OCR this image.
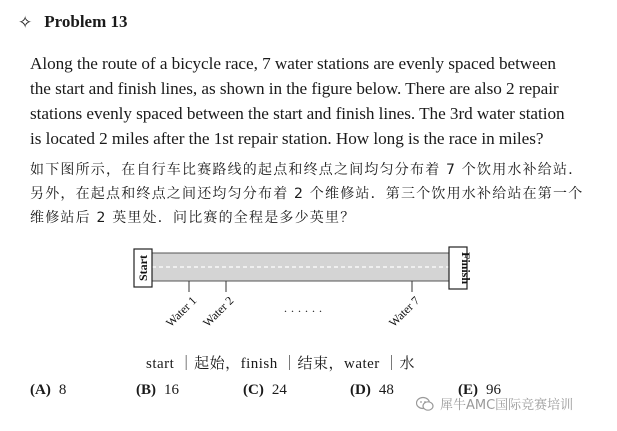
✧ Problem 13
Along the route of a bicycle race, 7 water stations are evenly spaced between the start and finish lines, as shown in the figure below. There are also 2 repair stations evenly spaced between the start and finish lines. The 3rd water station is located 2 miles after the 1st repair station. How long is the race in miles?
如下图所示，在自行车比赛路线的起点和终点之间均匀分布着 7 个饮用水补给站．另外，在起点和终点之间还均匀分布着 2 个维修站．第三个饮用水补给站在第一个维修站后 2 英里处．问比赛的全程是多少英里？
Start	Finish
Water 1 Water 2	Water 7
· · · · · ·
start ｜起始，finish ｜结束，water ｜水
(A) 8	(B) 16	(C) 24	(D) 48	(E) 96
犀牛AMC国际竞赛培训
